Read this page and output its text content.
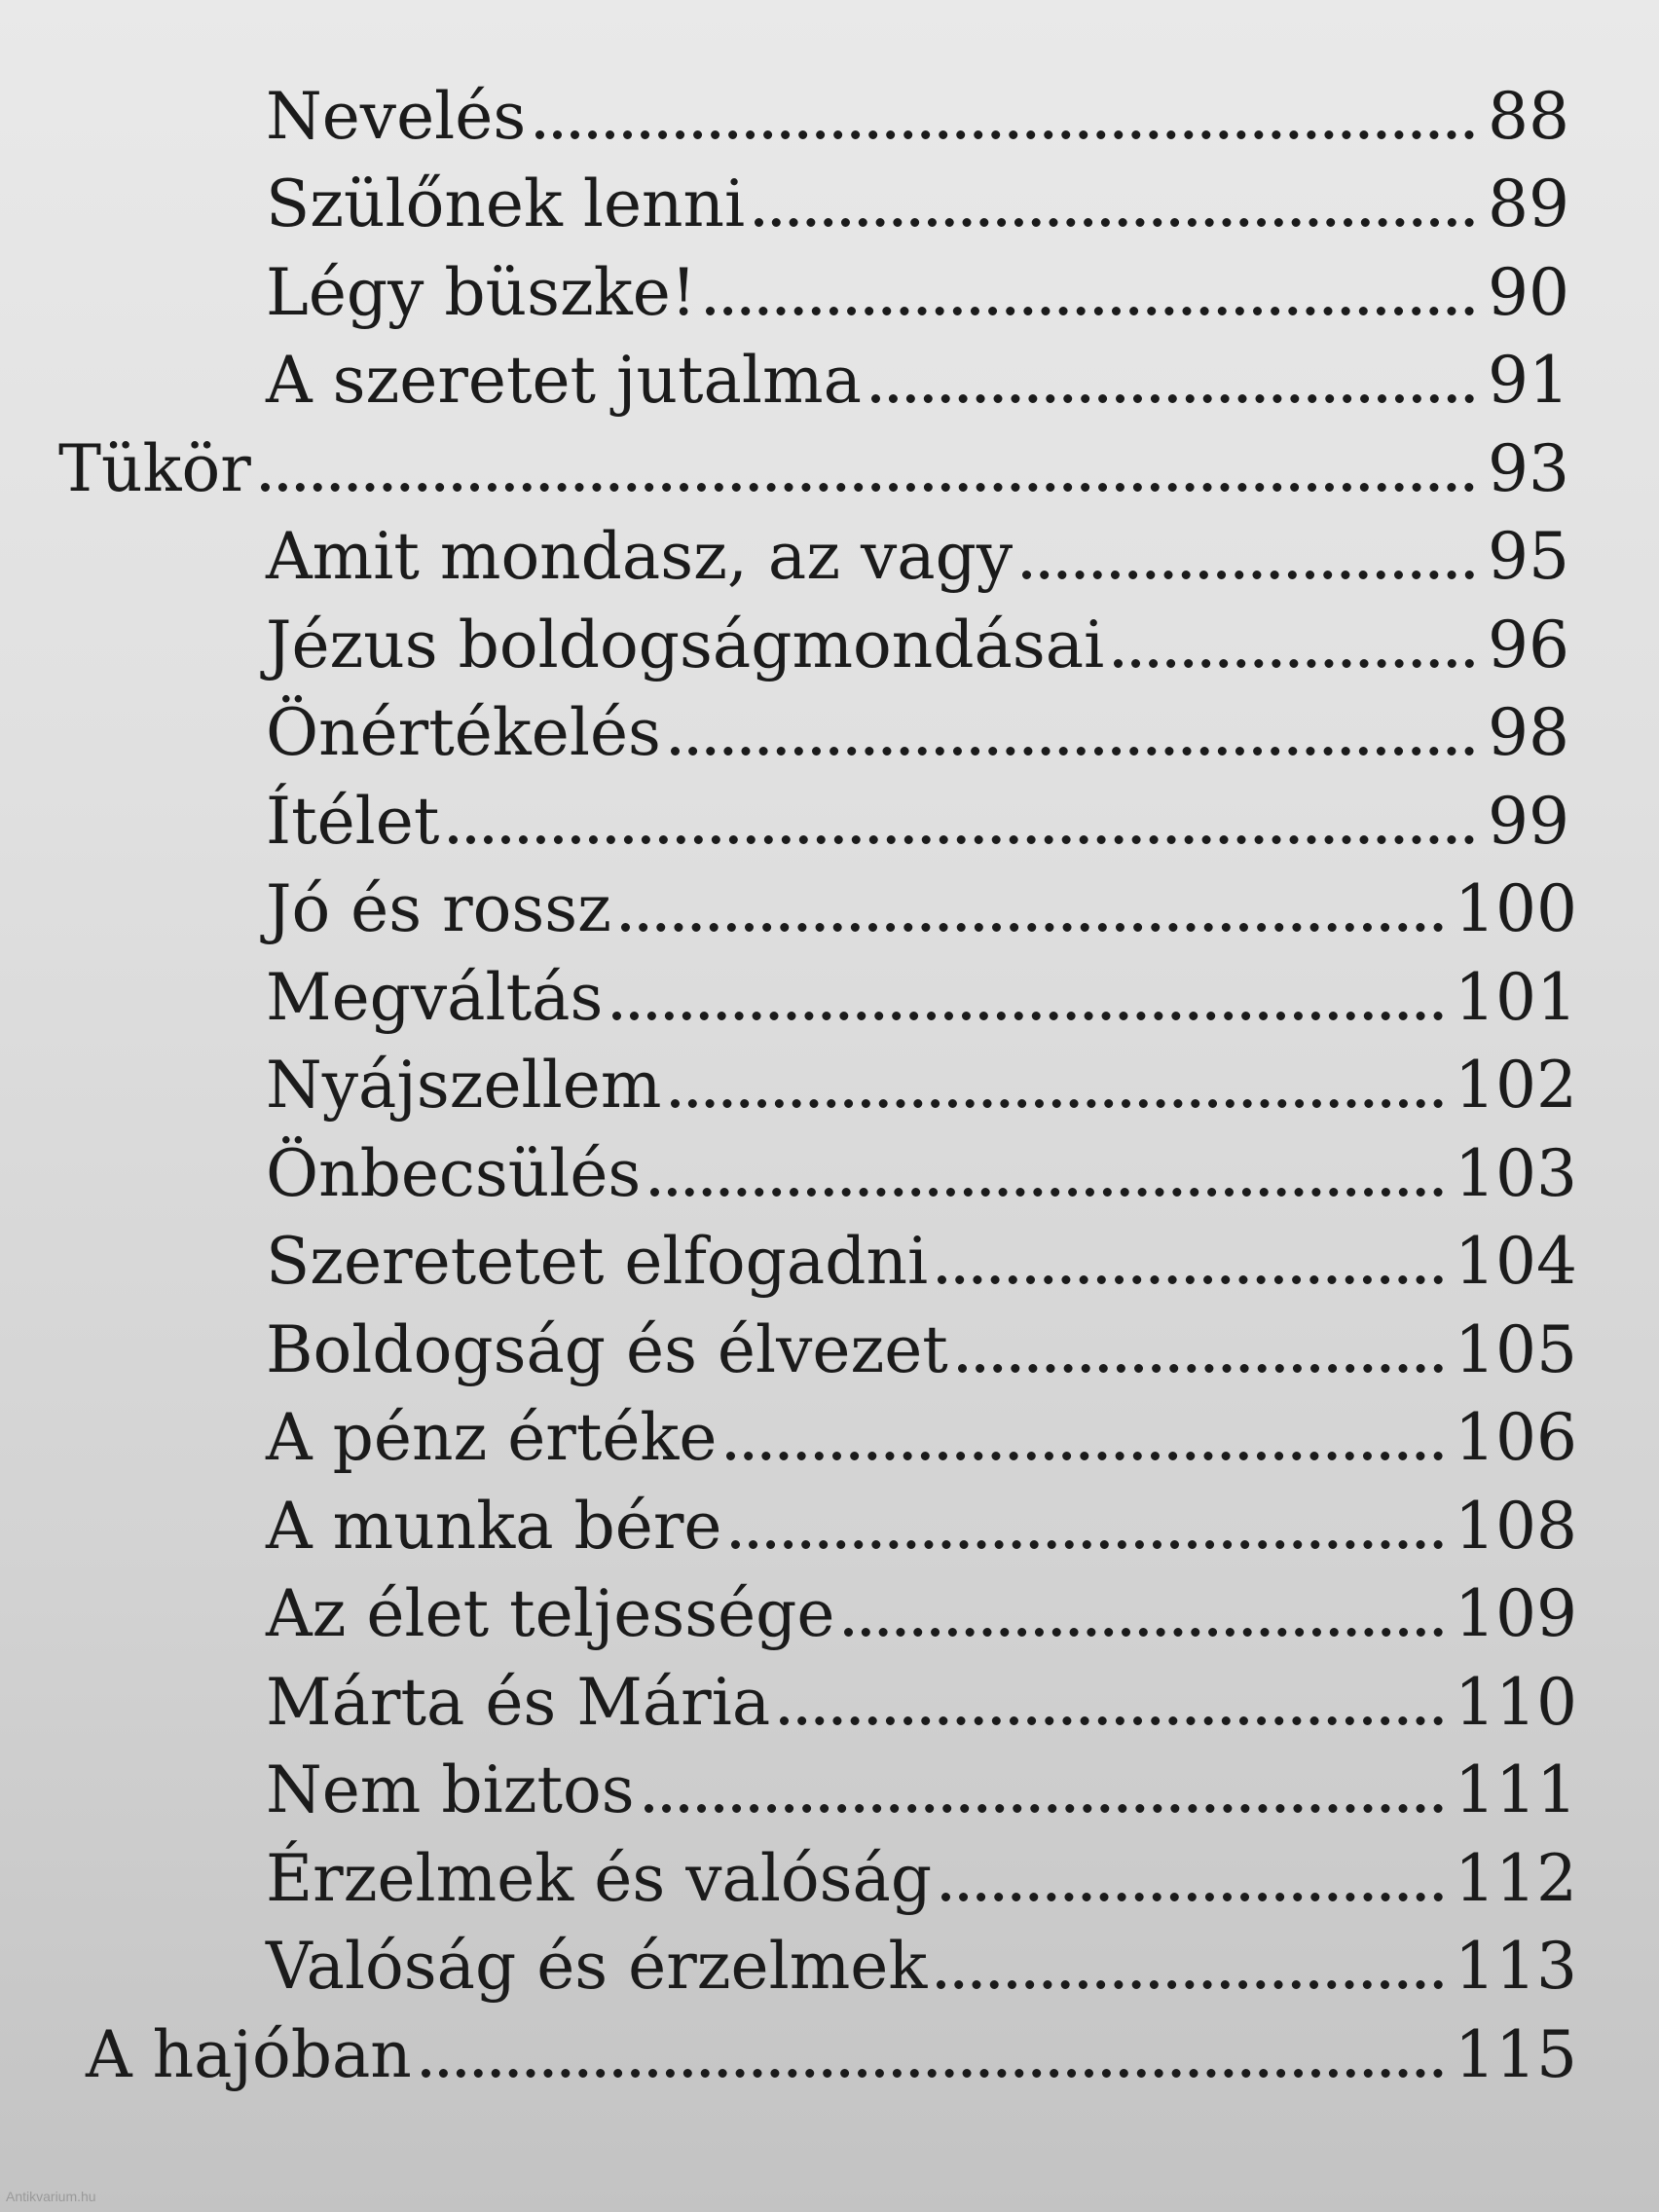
Nevelés	88
Szülőnek lenni	89
Légy büszke!	90
A szeretet jutalma	91
Tükör	93
Amit mondasz, az vagy	95
Jézus boldogságmondásai	96
Önértékelés	98
Ítélet	99
Jó és rossz	100
Megváltás	101
Nyájszellem	102
Önbecsülés	103
Szeretetet elfogadni	104
Boldogság és élvezet	105
A pénz értéke	106
A munka bére	108
Az élet teljessége	109
Márta és Mária	110
Nem biztos	111
Érzelmek és valóság	112
Valóság és érzelmek	113
A hajóban	115
Antikvarium.hu
